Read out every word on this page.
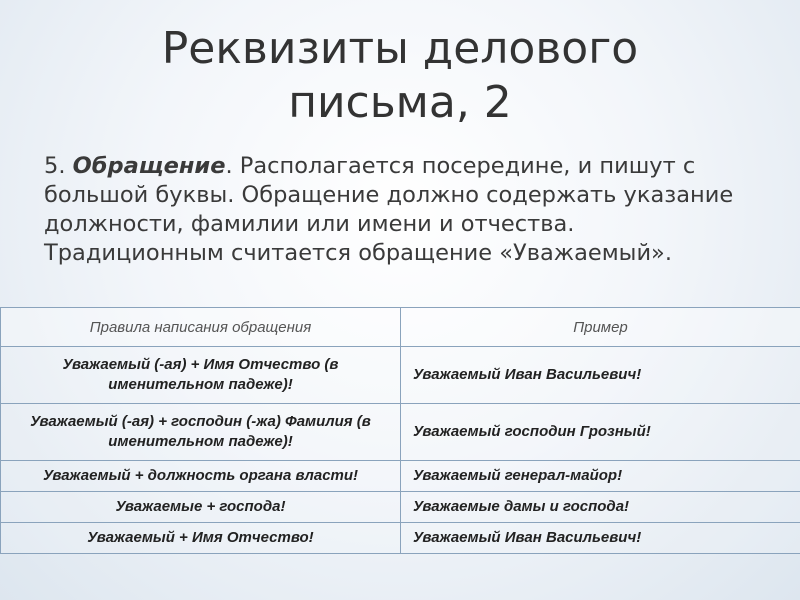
Реквизиты делового
письма, 2

5. Обращение. Располагается посередине, и пишут с большой буквы. Обращение должно содержать указание должности, фамилии или имени и отчества. Традиционным считается обращение «Уважаемый».

Правила написания обращения	Пример
Уважаемый (-ая) + Имя Отчество (в именительном падеже)!	Уважаемый Иван Васильевич!
Уважаемый (-ая) + господин (-жа) Фамилия (в именительном падеже)!	Уважаемый господин Грозный!
Уважаемый + должность органа власти!	Уважаемый генерал-майор!
Уважаемые + господа!	Уважаемые дамы и господа!
Уважаемый + Имя Отчество!	Уважаемый Иван Васильевич!
